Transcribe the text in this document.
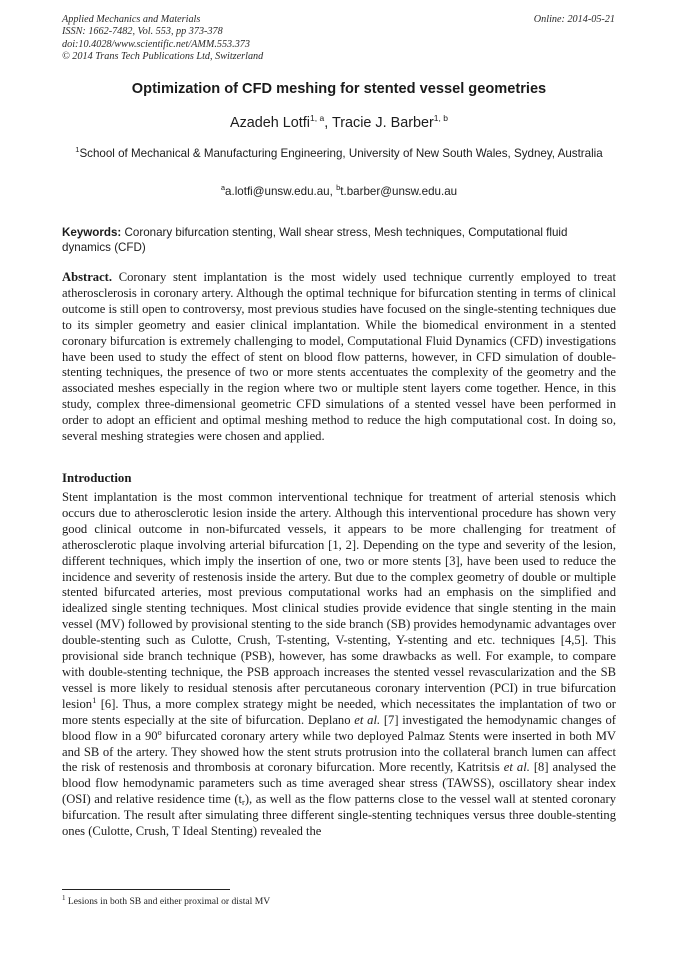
Applied Mechanics and Materials
ISSN: 1662-7482, Vol. 553, pp 373-378
doi:10.4028/www.scientific.net/AMM.553.373
© 2014 Trans Tech Publications Ltd, Switzerland
Online: 2014-05-21
Optimization of CFD meshing for stented vessel geometries
Azadeh Lotfi$^{1, a}$, Tracie J. Barber$^{1, b}$
$^1$School of Mechanical & Manufacturing Engineering, University of New South Wales, Sydney, Australia
$^a$a.lotfi@unsw.edu.au, $^b$t.barber@unsw.edu.au
Keywords: Coronary bifurcation stenting, Wall shear stress, Mesh techniques, Computational fluid dynamics (CFD)
Abstract. Coronary stent implantation is the most widely used technique currently employed to treat atherosclerosis in coronary artery. Although the optimal technique for bifurcation stenting in terms of clinical outcome is still open to controversy, most previous studies have focused on the single-stenting techniques due to its simpler geometry and easier clinical implantation. While the biomedical environment in a stented coronary bifurcation is extremely challenging to model, Computational Fluid Dynamics (CFD) investigations have been used to study the effect of stent on blood flow patterns, however, in CFD simulation of double-stenting techniques, the presence of two or more stents accentuates the complexity of the geometry and the associated meshes especially in the region where two or multiple stent layers come together. Hence, in this study, complex three-dimensional geometric CFD simulations of a stented vessel have been performed in order to adopt an efficient and optimal meshing method to reduce the high computational cost. In doing so, several meshing strategies were chosen and applied.
Introduction
Stent implantation is the most common interventional technique for treatment of arterial stenosis which occurs due to atherosclerotic lesion inside the artery. Although this interventional procedure has shown very good clinical outcome in non-bifurcated vessels, it appears to be more challenging for treatment of atherosclerotic plaque involving arterial bifurcation [1, 2]. Depending on the type and severity of the lesion, different techniques, which imply the insertion of one, two or more stents [3], have been used to reduce the incidence and severity of restenosis inside the artery. But due to the complex geometry of double or multiple stented bifurcated arteries, most previous computational works had an emphasis on the simplified and idealized single stenting techniques. Most clinical studies provide evidence that single stenting in the main vessel (MV) followed by provisional stenting to the side branch (SB) provides hemodynamic advantages over double-stenting such as Culotte, Crush, T-stenting, V-stenting, Y-stenting and etc. techniques [4,5]. This provisional side branch technique (PSB), however, has some drawbacks as well. For example, to compare with double-stenting technique, the PSB approach increases the stented vessel revascularization and the SB vessel is more likely to residual stenosis after percutaneous coronary intervention (PCI) in true bifurcation lesion$^1$ [6]. Thus, a more complex strategy might be needed, which necessitates the implantation of two or more stents especially at the site of bifurcation. Deplano et al. [7] investigated the hemodynamic changes of blood flow in a 90$^o$ bifurcated coronary artery while two deployed Palmaz Stents were inserted in both MV and SB of the artery. They showed how the stent struts protrusion into the collateral branch lumen can affect the risk of restenosis and thrombosis at coronary bifurcation. More recently, Katritsis et al. [8] analysed the blood flow hemodynamic parameters such as time averaged shear stress (TAWSS), oscillatory shear index (OSI) and relative residence time $(t_r)$, as well as the flow patterns close to the vessel wall at stented coronary bifurcation. The result after simulating three different single-stenting techniques versus three double-stenting ones (Culotte, Crush, T Ideal Stenting) revealed the
$^1$ Lesions in both SB and either proximal or distal MV
